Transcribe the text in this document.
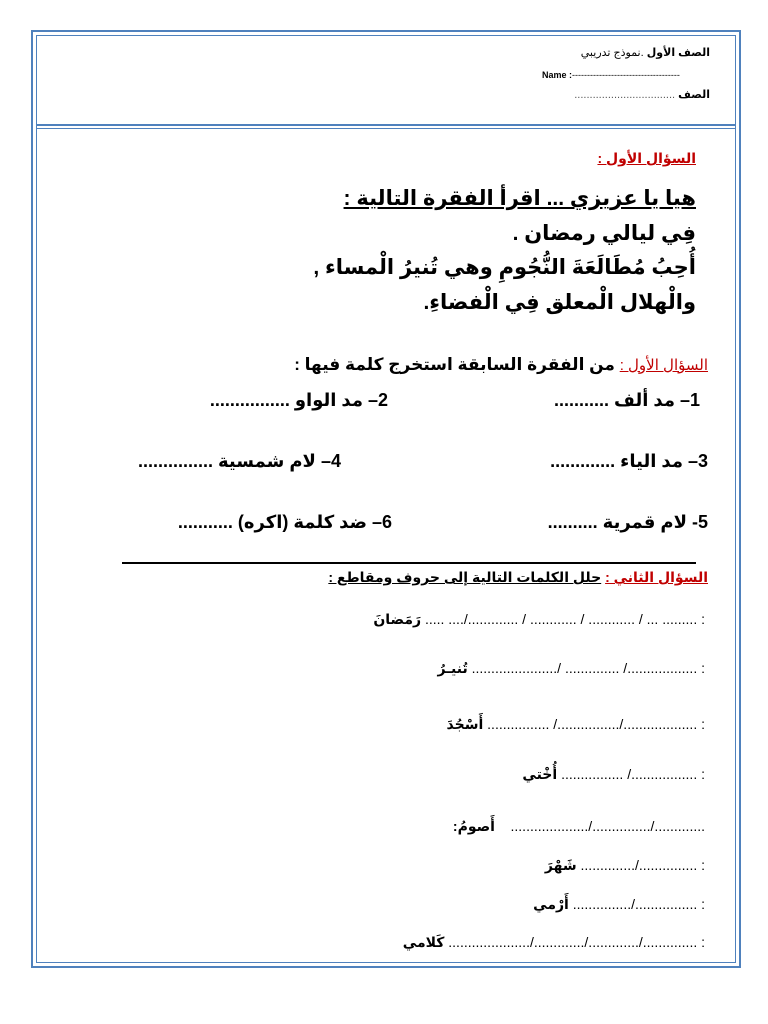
الصف الأول .نموذج تدريبي
Name :------------------------------------
الصف .................................
السؤال الأول :
هيا يا عزيزي ... اقرأ الفقرة التالية :
فِي ليالي رمضان .
أُحِبُ مُطَالَعَةَ النُّجُومِ وهي تُنيرُ الْمساء ,
والْهلال الْمعلق فِي الْفضاءِ.
السؤال الأول : من الفقرة السابقة استخرج كلمة فيها :
1– مد ألف ...........
2– مد الواو ................
3– مد الياء .............
4– لام شمسية ...............
5- لام قمرية ..........
6– ضد كلمة (اكره) ...........
السؤال الثاني : حلل الكلمات التالية إلى حروف ومقاطع :
: ......... ... / ............ / ............ / ............./.... ..... رَمَضانَ
: ................../ .............. /...................... تُنيـرُ
: .................../................/ ................ أَسْجُدَ
: ................./ ................ أُخْتي
............./.............../....................    أَصومُ:
: .............../.............. شَهْرَ
: ................/............... أَرْمي
: ............../............./............./..................... كَلامي
